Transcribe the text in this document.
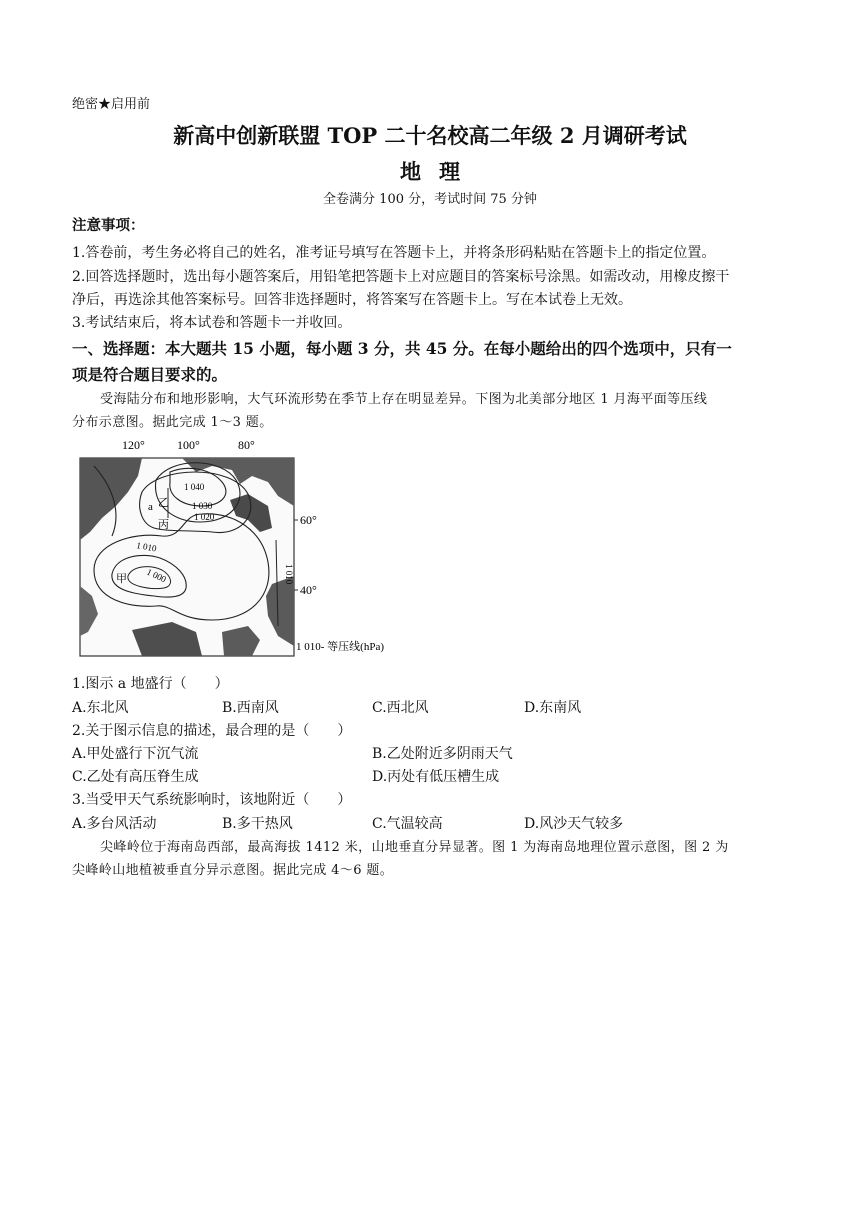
绝密★启用前
新高中创新联盟 TOP 二十名校高二年级 2 月调研考试
地理
全卷满分 100 分，考试时间 75 分钟
注意事项：
1.答卷前，考生务必将自己的姓名，准考证号填写在答题卡上，并将条形码粘贴在答题卡上的指定位置。
2.回答选择题时，选出每小题答案后，用铅笔把答题卡上对应题目的答案标号涂黑。如需改动，用橡皮擦干
净后，再选涂其他答案标号。回答非选择题时，将答案写在答题卡上。写在本试卷上无效。
3.考试结束后，将本试卷和答题卡一并收回。
一、选择题：本大题共 15 小题，每小题 3 分，共 45 分。在每小题给出的四个选项中，只有一
项是符合题目要求的。
受海陆分布和地形影响，大气环流形势在季节上存在明显差异。下图为北美部分地区 1 月海平面等压线
分布示意图。据此完成 1～3 题。
120°	100°	80°
1 040
1 030
1 020
1 010
1 000	1 010
a 乙
丙
甲
60°
40°
1 010- 等压线(hPa)
1.图示 a 地盛行（　　）
A.东北风	B.西南风	C.西北风	D.东南风
2.关于图示信息的描述，最合理的是（　　）
A.甲处盛行下沉气流	B.乙处附近多阴雨天气
C.乙处有高压脊生成	D.丙处有低压槽生成
3.当受甲天气系统影响时，该地附近（　　）
A.多台风活动	B.多干热风	C.气温较高	D.风沙天气较多
尖峰岭位于海南岛西部，最高海拔 1412 米，山地垂直分异显著。图 1 为海南岛地理位置示意图，图 2 为
尖峰岭山地植被垂直分异示意图。据此完成 4～6 题。
